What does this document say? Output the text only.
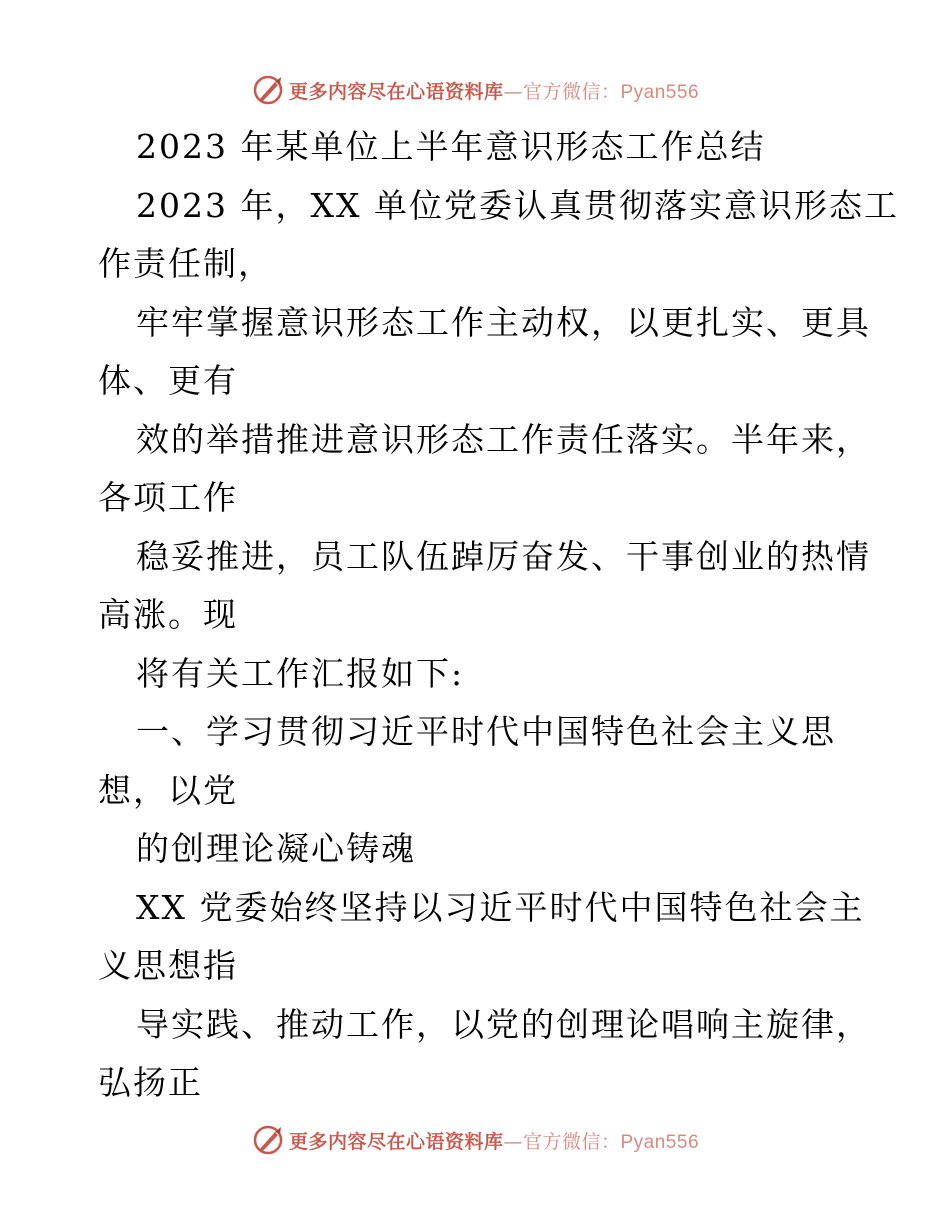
更多内容尽在心语资料库—官方微信：Pyan556
2023 年某单位上半年意识形态工作总结
2023 年，XX 单位党委认真贯彻落实意识形态工
作责任制，
牢牢掌握意识形态工作主动权，以更扎实、更具
体、更有
效的举措推进意识形态工作责任落实。半年来，
各项工作
稳妥推进，员工队伍踔厉奋发、干事创业的热情
高涨。现
将有关工作汇报如下:
一、学习贯彻习近平时代中国特色社会主义思
想，以党
的创理论凝心铸魂
XX 党委始终坚持以习近平时代中国特色社会主
义思想指
导实践、推动工作，以党的创理论唱响主旋律，
弘扬正
更多内容尽在心语资料库—官方微信：Pyan556
